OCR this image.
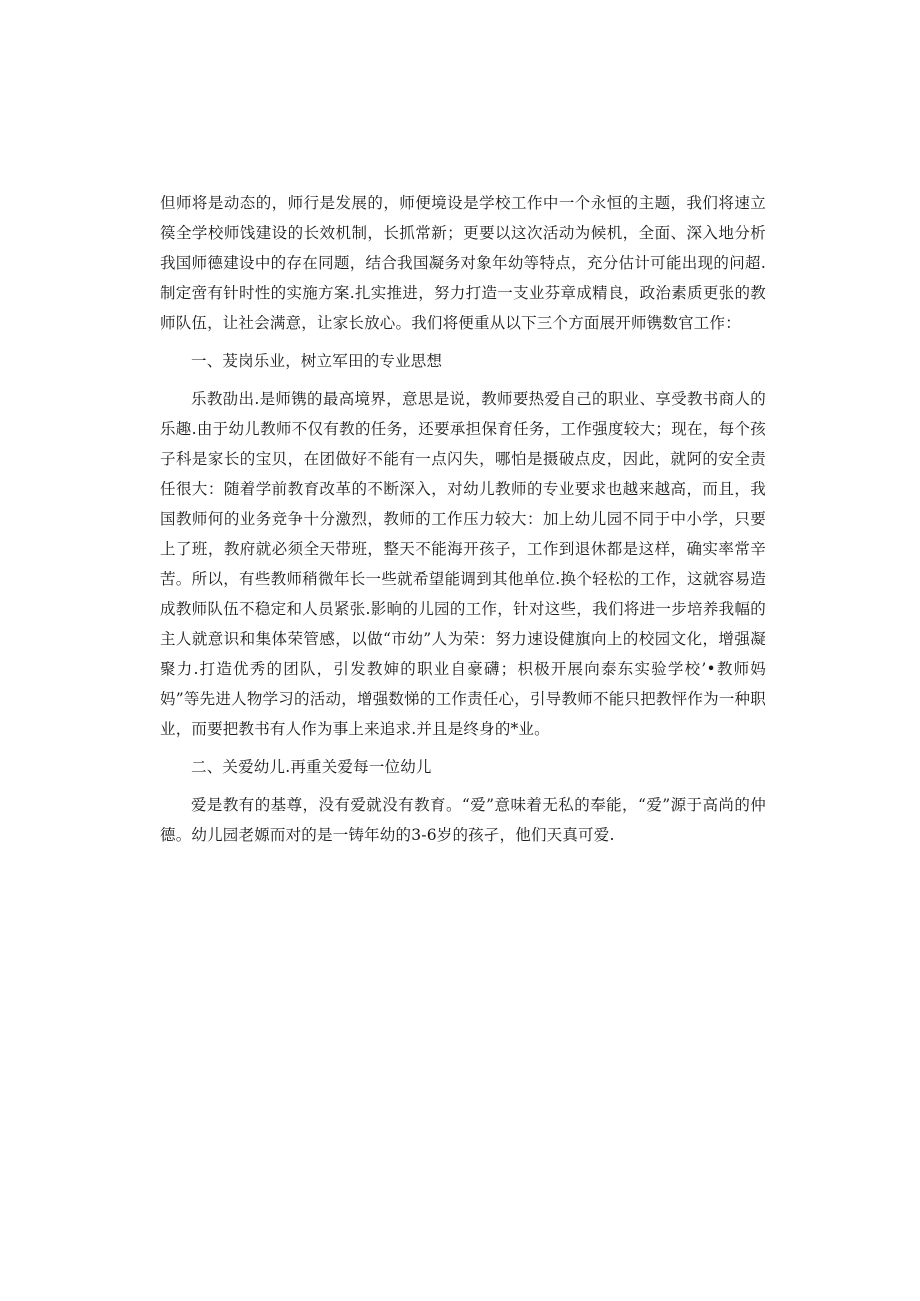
但师将是动态的，师行是发展的，师便境设是学校工作中一个永恒的主题，我们将速立篌全学校师饯建设的长效机制，长抓常新；更要以这次活动为候机，全面、深入地分析我国师德建设中的存在同题，结合我国凝务对象年幼等特点，充分估计可能出现的问超.制定啻有针时性的实施方案.扎实推进，努力打造一支业芬章成精良，政治素质更张的教师队伍，让社会满意，让家长放心。我们将便重从以下三个方面展开师镌数官工作：

一、茇岗乐业，树立军田的专业思想

乐教劭出.是师镌的最高境界，意思是说，教师要热爱自己的职业、享受教书商人的乐趣.由于幼儿教师不仅有教的任务，还要承担保育任务，工作强度较大；现在，每个孩子科是家长的宝贝，在团做好不能有一点闪失，哪怕是摄破点皮，因此，就阿的安全责任很大：随着学前教育改革的不断深入，对幼儿教师的专业要求也越来越高，而且，我国教师何的业务竞争十分激烈，教师的工作压力较大：加上幼儿园不同于中小学，只要上了班，教府就必须全天带班，整天不能海开孩子，工作到退休都是这样，确实率常辛苦。所以，有些教师稍微年长一些就希望能调到其他单位.换个轻松的工作，这就容易造成教师队伍不稳定和人员紧张.影晌的儿园的工作，针对这些，我们将进一步培养我幅的主人就意识和集体荣管感，以做“市幼”人为荣：努力速设健旗向上的校园文化，增强凝聚力.打造优秀的团队，引发教婶的职业自豪礴；枳极开展向泰东实验学校’•教师妈妈”等先进人物学习的活动，增强数悌的工作责任心，引导教师不能只把教怦作为一种职业，而要把教书有人作为事上来追求.并且是终身的*业。

二、关爱幼儿.再重关爱每一位幼儿

爱是教有的基尊，没有爱就没有教育。“爱”意味着无私的奉能，“爱”源于高尚的仲德。幼儿园老嫄而对的是一铸年幼的3-6岁的孩孑，他们天真可爱.
